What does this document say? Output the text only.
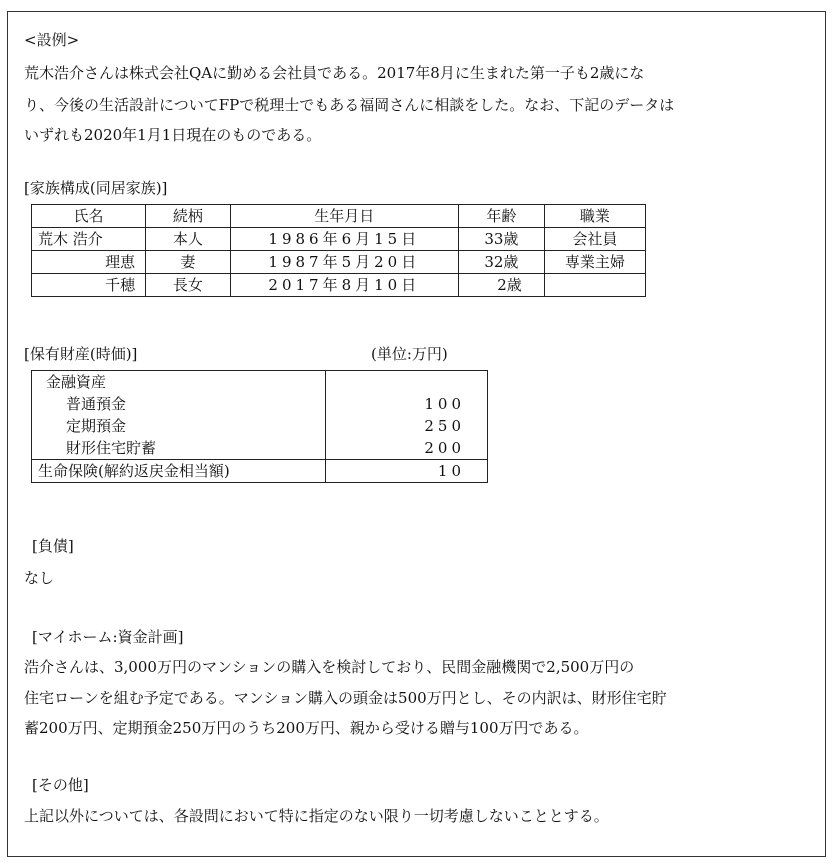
<設例>
荒木浩介さんは株式会社QAに勤める会社員である。2017年8月に生まれた第一子も2歳にな
り、今後の生活設計についてFPで税理士でもある福岡さんに相談をした。なお、下記のデータは
いずれも2020年1月1日現在のものである。
[家族構成(同居家族)]
氏名	続柄	生年月日	年齢	職業
荒木 浩介	本人	1986年6月15日	33歳	会社員
理恵	妻	1987年5月20日	32歳	専業主婦
千穂	長女	2017年8月10日	2歳	
[保有財産(時価)]	(単位:万円)
金融資産	
普通預金	100
定期預金	250
財形住宅貯蓄	200
生命保険(解約返戻金相当額)	10
[負債]
なし
[マイホーム:資金計画]
浩介さんは、3,000万円のマンションの購入を検討しており、民間金融機関で2,500万円の
住宅ローンを組む予定である。マンション購入の頭金は500万円とし、その内訳は、財形住宅貯
蓄200万円、定期預金250万円のうち200万円、親から受ける贈与100万円である。
[その他]
上記以外については、各設問において特に指定のない限り一切考慮しないこととする。
